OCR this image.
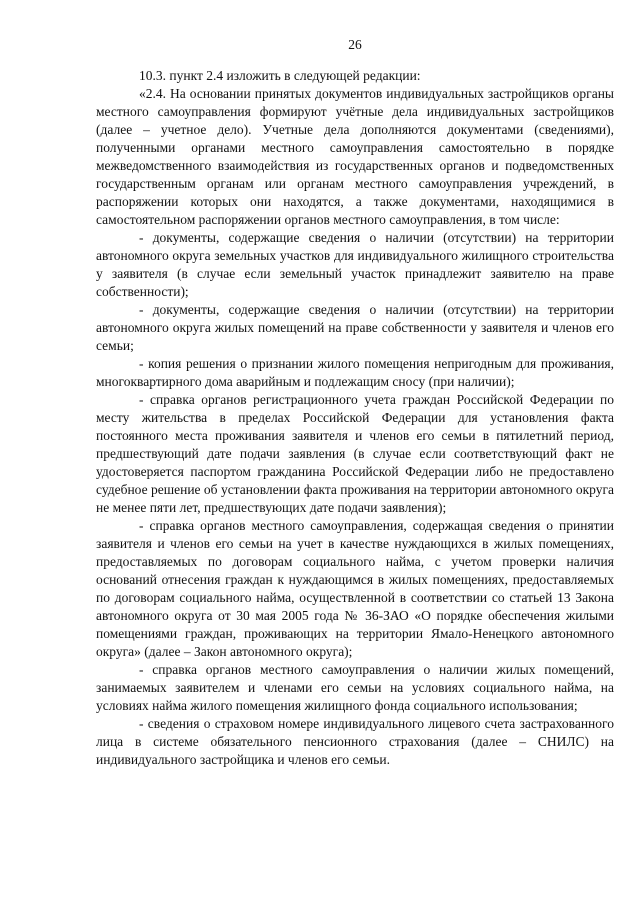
26

10.3. пункт 2.4 изложить в следующей редакции:

«2.4. На основании принятых документов индивидуальных застройщиков органы местного самоуправления формируют учётные дела индивидуальных застройщиков (далее – учетное дело). Учетные дела дополняются документами (сведениями), полученными органами местного самоуправления самостоятельно в порядке межведомственного взаимодействия из государственных органов и подведомственных государственным органам или органам местного самоуправления учреждений, в распоряжении которых они находятся, а также документами, находящимися в самостоятельном распоряжении органов местного самоуправления, в том числе:

- документы, содержащие сведения о наличии (отсутствии) на территории автономного округа земельных участков для индивидуального жилищного строительства у заявителя (в случае если земельный участок принадлежит заявителю на праве собственности);

- документы, содержащие сведения о наличии (отсутствии) на территории автономного округа жилых помещений на праве собственности у заявителя и членов его семьи;

- копия решения о признании жилого помещения непригодным для проживания, многоквартирного дома аварийным и подлежащим сносу (при наличии);

- справка органов регистрационного учета граждан Российской Федерации по месту жительства в пределах Российской Федерации для установления факта постоянного места проживания заявителя и членов его семьи в пятилетний период, предшествующий дате подачи заявления (в случае если соответствующий факт не удостоверяется паспортом гражданина Российской Федерации либо не предоставлено судебное решение об установлении факта проживания на территории автономного округа не менее пяти лет, предшествующих дате подачи заявления);

- справка органов местного самоуправления, содержащая сведения о принятии заявителя и членов его семьи на учет в качестве нуждающихся в жилых помещениях, предоставляемых по договорам социального найма, с учетом проверки наличия оснований отнесения граждан к нуждающимся в жилых помещениях, предоставляемых по договорам социального найма, осуществленной в соответствии со статьей 13 Закона автономного округа от 30 мая 2005 года № 36-ЗАО «О порядке обеспечения жилыми помещениями граждан, проживающих на территории Ямало-Ненецкого автономного округа» (далее – Закон автономного округа);

- справка органов местного самоуправления о наличии жилых помещений, занимаемых заявителем и членами его семьи на условиях социального найма, на условиях найма жилого помещения жилищного фонда социального использования;

- сведения о страховом номере индивидуального лицевого счета застрахованного лица в системе обязательного пенсионного страхования (далее – СНИЛС) на индивидуального застройщика и членов его семьи.
